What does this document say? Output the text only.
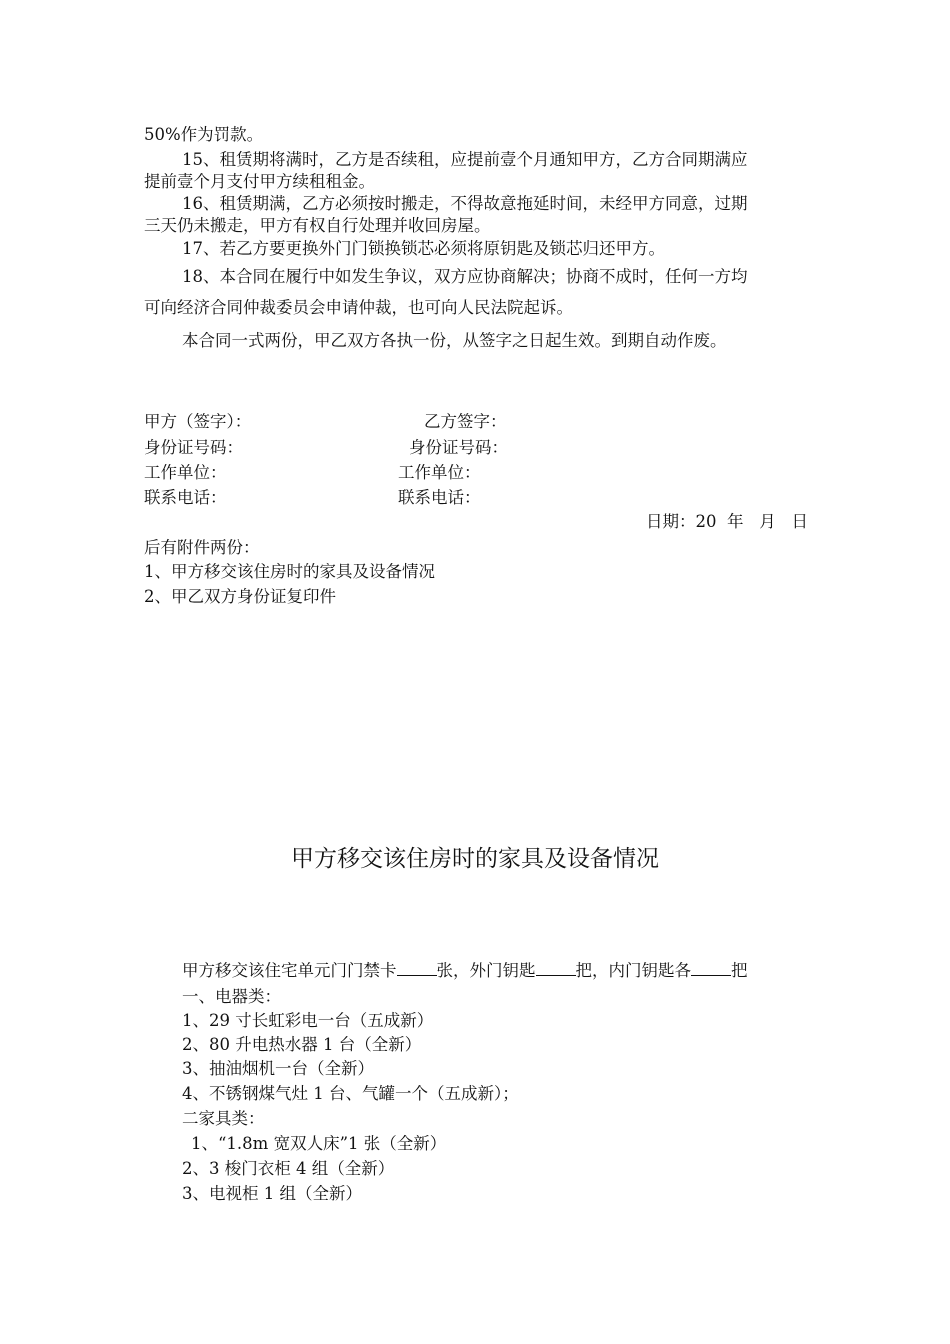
50%作为罚款。
15、租赁期将满时，乙方是否续租，应提前壹个月通知甲方，乙方合同期满应
提前壹个月支付甲方续租租金。
16、租赁期满，乙方必须按时搬走，不得故意拖延时间，未经甲方同意，过期
三天仍未搬走，甲方有权自行处理并收回房屋。
17、若乙方要更换外门门锁换锁芯必须将原钥匙及锁芯归还甲方。
18、本合同在履行中如发生争议，双方应协商解决；协商不成时，任何一方均
可向经济合同仲裁委员会申请仲裁，也可向人民法院起诉。
本合同一式两份，甲乙双方各执一份，从签字之日起生效。到期自动作废。
甲方（签字）：	乙方签字：
身份证号码：	身份证号码：
工作单位：	工作单位：
联系电话：	联系电话：
日期：20  年   月   日
后有附件两份：
1、甲方移交该住房时的家具及设备情况
2、甲乙双方身份证复印件
甲方移交该住房时的家具及设备情况
甲方移交该住宅单元门门禁卡 张，外门钥匙 把，内门钥匙各 把
一、电器类：
1、29 寸长虹彩电一台（五成新）
2、80 升电热水器 1 台（全新）
3、抽油烟机一台（全新）
4、不锈钢煤气灶 1 台、气罐一个（五成新）；
二家具类：
1、“1.8m 宽双人床”1 张（全新）
2、3 梭门衣柜 4 组（全新）
3、电视柜 1 组（全新）
